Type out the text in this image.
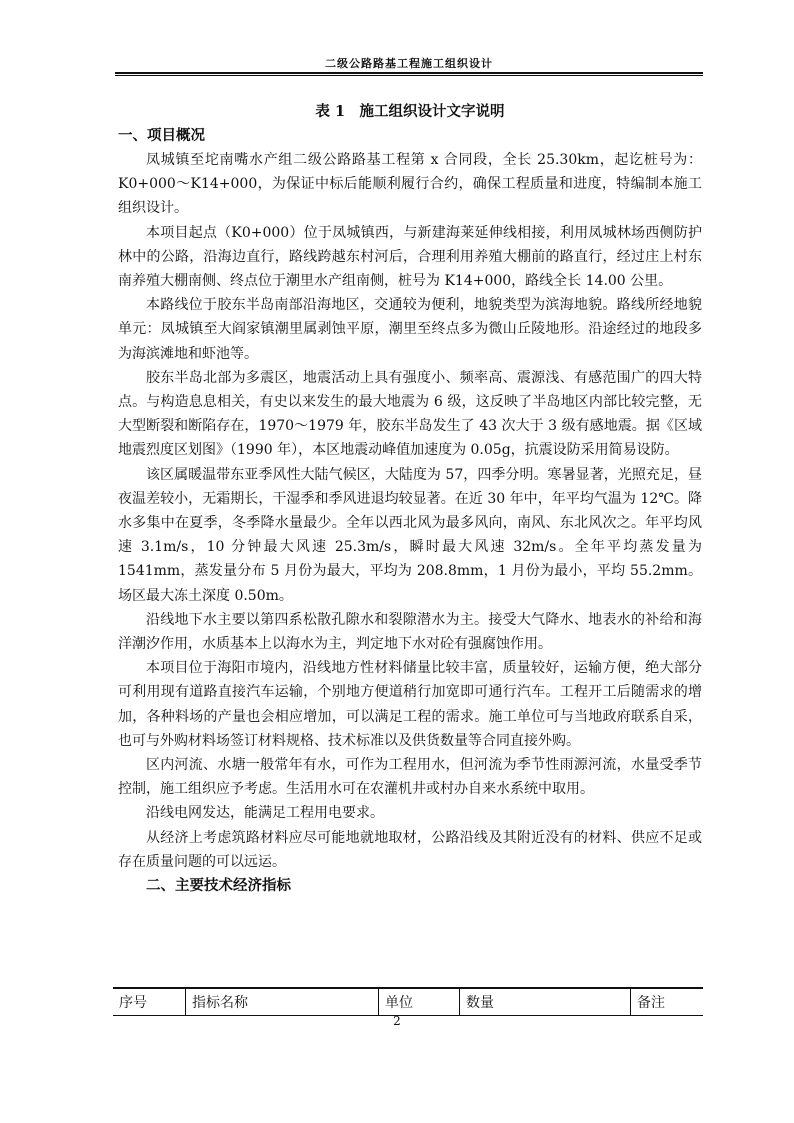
二级公路路基工程施工组织设计

表 1　施工组织设计文字说明

一、项目概况

凤城镇至坨南嘴水产组二级公路路基工程第 x 合同段，全长 25.30km，起讫桩号为：K0+000～K14+000，为保证中标后能顺利履行合约，确保工程质量和进度，特编制本施工组织设计。

本项目起点（K0+000）位于凤城镇西，与新建海莱延伸线相接，利用凤城林场西侧防护林中的公路，沿海边直行，路线跨越东村河后，合理利用养殖大棚前的路直行，经过庄上村东南养殖大棚南侧、终点位于潮里水产组南侧，桩号为 K14+000，路线全长 14.00 公里。

本路线位于胶东半岛南部沿海地区，交通较为便利，地貌类型为滨海地貌。路线所经地貌单元：凤城镇至大阎家镇潮里属剥蚀平原，潮里至终点多为微山丘陵地形。沿途经过的地段多为海滨滩地和虾池等。

胶东半岛北部为多震区，地震活动上具有强度小、频率高、震源浅、有感范围广的四大特点。与构造息息相关，有史以来发生的最大地震为 6 级，这反映了半岛地区内部比较完整，无大型断裂和断陷存在，1970～1979 年，胶东半岛发生了 43 次大于 3 级有感地震。据《区域地震烈度区划图》（1990 年），本区地震动峰值加速度为 0.05g，抗震设防采用简易设防。

该区属暖温带东亚季风性大陆气候区，大陆度为 57，四季分明。寒暑显著，光照充足，昼夜温差较小，无霜期长，干湿季和季风进退均较显著。在近 30 年中，年平均气温为 12℃。降水多集中在夏季，冬季降水量最少。全年以西北风为最多风向，南风、东北风次之。年平均风速 3.1m/s，10 分钟最大风速 25.3m/s，瞬时最大风速 32m/s。全年平均蒸发量为 1541mm，蒸发量分布 5 月份为最大，平均为 208.8mm，1 月份为最小，平均 55.2mm。场区最大冻土深度 0.50m。

沿线地下水主要以第四系松散孔隙水和裂隙潜水为主。接受大气降水、地表水的补给和海洋潮汐作用，水质基本上以海水为主，判定地下水对砼有强腐蚀作用。

本项目位于海阳市境内，沿线地方性材料储量比较丰富，质量较好，运输方便，绝大部分可利用现有道路直接汽车运输，个别地方便道稍行加宽即可通行汽车。工程开工后随需求的增加，各种料场的产量也会相应增加，可以满足工程的需求。施工单位可与当地政府联系自采，也可与外购材料场签订材料规格、技术标准以及供货数量等合同直接外购。

区内河流、水塘一般常年有水，可作为工程用水，但河流为季节性雨源河流，水量受季节控制，施工组织应予考虑。生活用水可在农灌机井或村办自来水系统中取用。

沿线电网发达，能满足工程用电要求。

从经济上考虑筑路材料应尽可能地就地取材，公路沿线及其附近没有的材料、供应不足或存在质量问题的可以远运。

二、主要技术经济指标

序号	指标名称	单位	数量	备注
2
